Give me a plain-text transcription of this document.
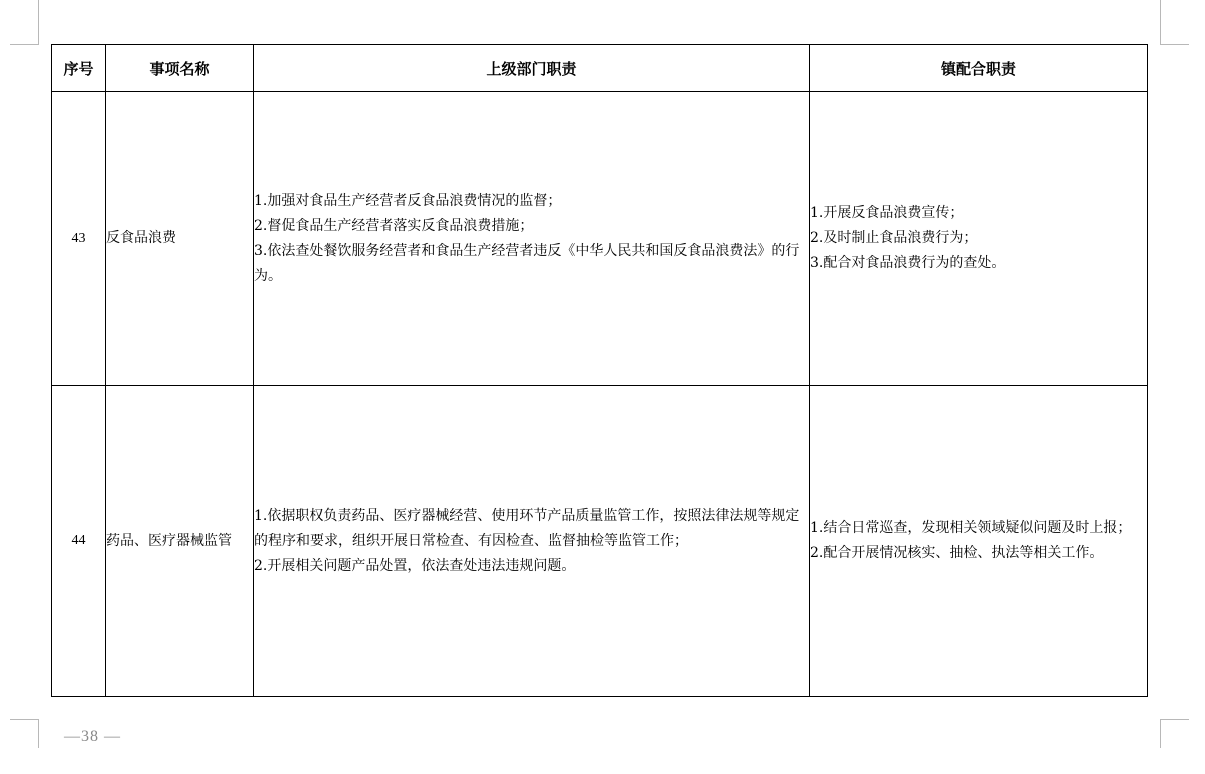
序号	事项名称	上级部门职责	镇配合职责
43	反食品浪费	1.加强对食品生产经营者反食品浪费情况的监督；
2.督促食品生产经营者落实反食品浪费措施；
3.依法查处餐饮服务经营者和食品生产经营者违反《中华人民共和国反食品浪费法》的行为。	1.开展反食品浪费宣传；
2.及时制止食品浪费行为；
3.配合对食品浪费行为的查处。

44	药品、医疗器械监管	1.依据职权负责药品、医疗器械经营、使用环节产品质量监管工作，按照法律法规等规定的程序和要求，组织开展日常检查、有因检查、监督抽检等监管工作；
2.开展相关问题产品处置，依法查处违法违规问题。	1.结合日常巡查，发现相关领域疑似问题及时上报；
2.配合开展情况核实、抽检、执法等相关工作。
—38 —
